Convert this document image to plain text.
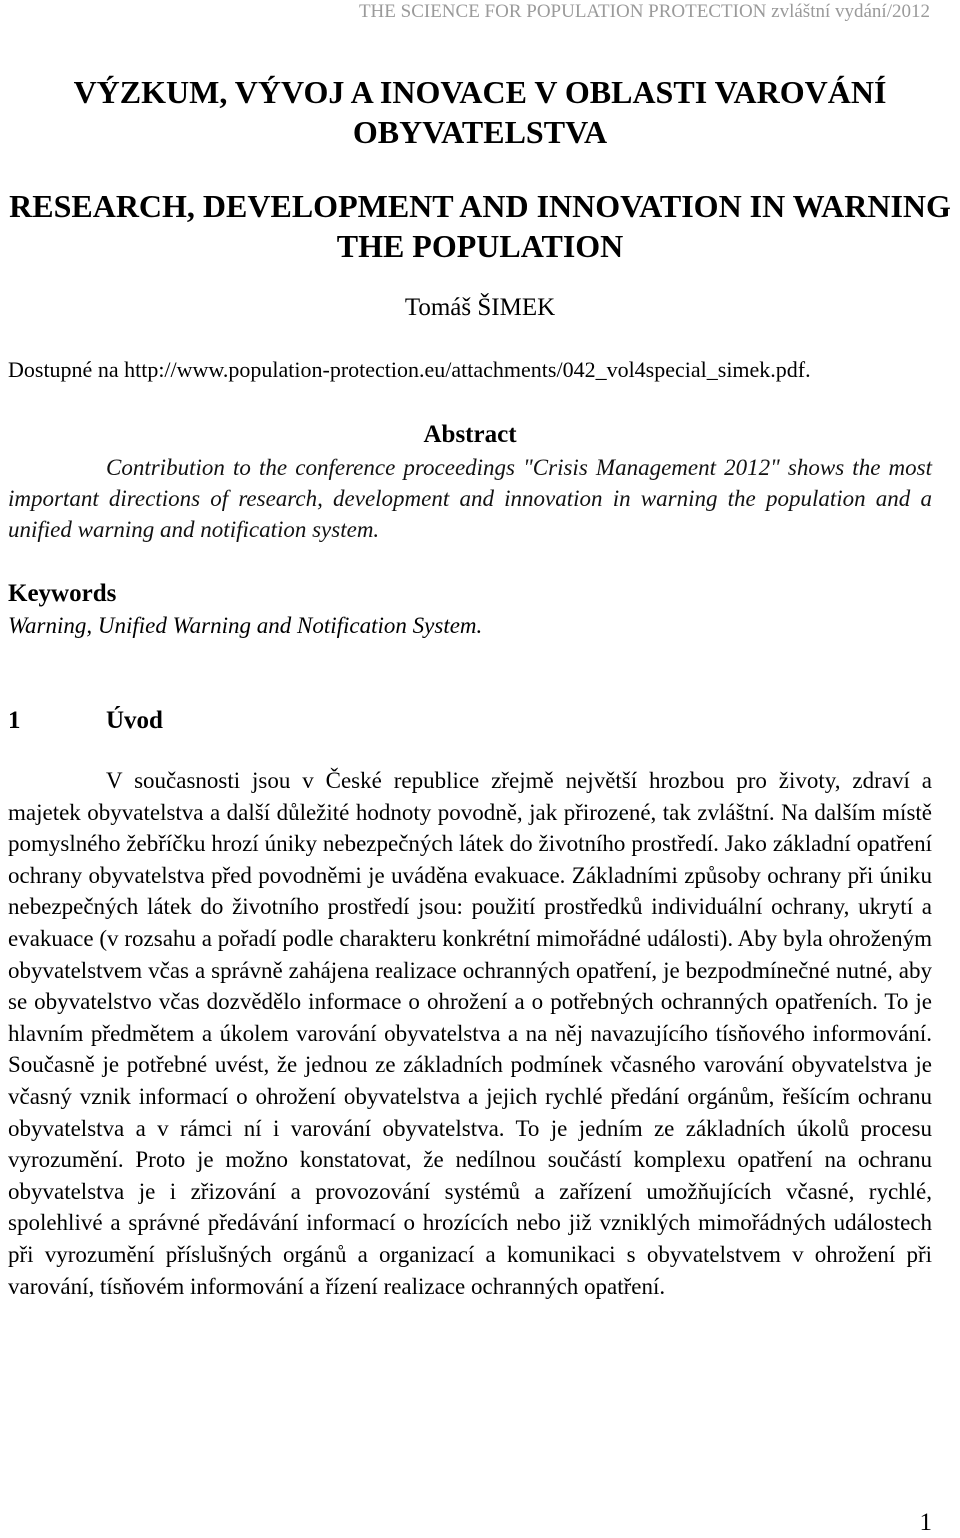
THE SCIENCE FOR POPULATION PROTECTION zvláštní vydání/2012
VÝZKUM, VÝVOJ A INOVACE V OBLASTI VAROVÁNÍ OBYVATELSTVA
RESEARCH, DEVELOPMENT AND INNOVATION IN WARNING THE POPULATION
Tomáš ŠIMEK
Dostupné na http://www.population-protection.eu/attachments/042_vol4special_simek.pdf.
Abstract
Contribution to the conference proceedings "Crisis Management 2012" shows the most important directions of research, development and innovation in warning the population and a unified warning and notification system.
Keywords
Warning, Unified Warning and Notification System.
1	Úvod
V současnosti jsou v České republice zřejmě největší hrozbou pro životy, zdraví a majetek obyvatelstva a další důležité hodnoty povodně, jak přirozené, tak zvláštní. Na dalším místě pomyslného žebříčku hrozí úniky nebezpečných látek do životního prostředí. Jako základní opatření ochrany obyvatelstva před povodněmi je uváděna evakuace. Základními způsoby ochrany při úniku nebezpečných látek do životního prostředí jsou: použití prostředků individuální ochrany, ukrytí a evakuace (v rozsahu a pořadí podle charakteru konkrétní mimořádné události). Aby byla ohroženým obyvatelstvem včas a správně zahájena realizace ochranných opatření, je bezpodmínečné nutné, aby se obyvatelstvo včas dozvědělo informace o ohrožení a o potřebných ochranných opatřeních. To je hlavním předmětem a úkolem varování obyvatelstva a na něj navazujícího tísňového informování. Současně je potřebné uvést, že jednou ze základních podmínek včasného varování obyvatelstva je včasný vznik informací o ohrožení obyvatelstva a jejich rychlé předání orgánům, řešícím ochranu obyvatelstva a v rámci ní i varování obyvatelstva. To je jedním ze základních úkolů procesu vyrozumění. Proto je možno konstatovat, že nedílnou součástí komplexu opatření na ochranu obyvatelstva je i zřizování a provozování systémů a zařízení umožňujících včasné, rychlé, spolehlivé a správné předávání informací o hrozících nebo již vzniklých mimořádných událostech při vyrozumění příslušných orgánů a organizací a komunikaci s obyvatelstvem v ohrožení při varování, tísňovém informování a řízení realizace ochranných opatření.
1
